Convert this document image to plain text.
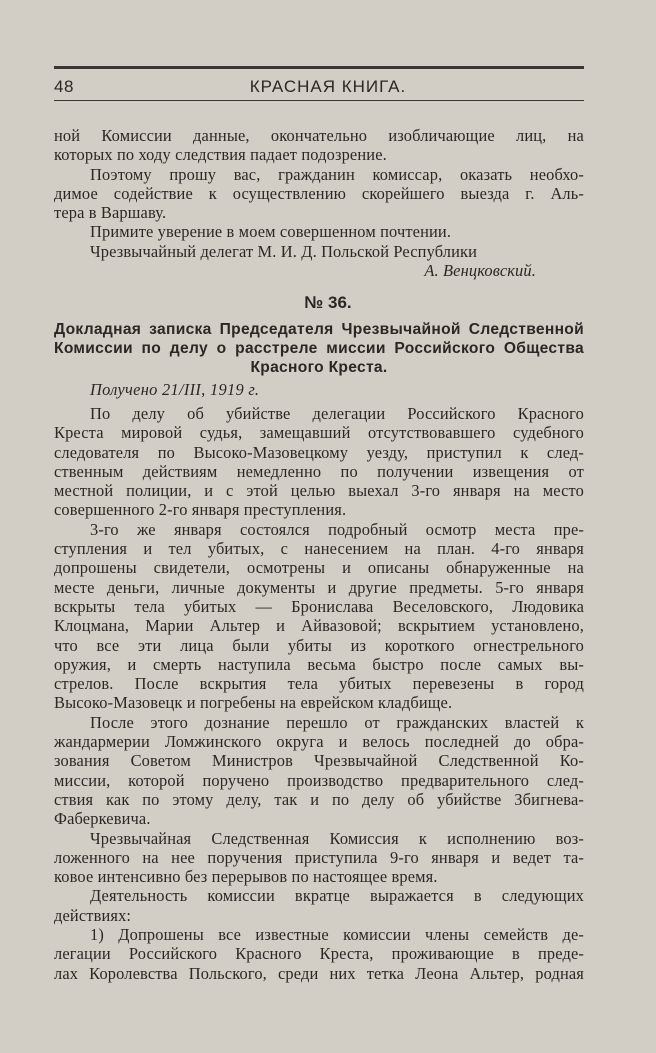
48	КРАСНАЯ КНИГА.
ной Комиссии данные, окончательно изобличающие лиц, на
которых по ходу следствия падает подозрение.
Поэтому прошу вас, гражданин комиссар, оказать необхо-
димое содействие к осуществлению скорейшего выезда г. Аль-
тера в Варшаву.
Примите уверение в моем совершенном почтении.
Чрезвычайный делегат М. И. Д. Польской Республики
А. Венцковский.
№ 36.
Докладная записка Председателя Чрезвычайной Следственной
Комиссии по делу о расстреле миссии Российского Общества
Красного Креста.
Получено 21/III, 1919 г.
По делу об убийстве делегации Российского Красного
Креста мировой судья, замещавший отсутствовавшего судебного
следователя по Высоко-Мазовецкому уезду, приступил к след-
ственным действиям немедленно по получении извещения от
местной полиции, и с этой целью выехал 3-го января на место
совершенного 2-го января преступления.
3-го же января состоялся подробный осмотр места пре-
ступления и тел убитых, с нанесением на план. 4-го января
допрошены свидетели, осмотрены и описаны обнаруженные на
месте деньги, личные документы и другие предметы. 5-го января
вскрыты тела убитых — Бронислава Веселовского, Людовика
Клоцмана, Марии Альтер и Айвазовой; вскрытием установлено,
что все эти лица были убиты из короткого огнестрельного
оружия, и смерть наступила весьма быстро после самых вы-
стрелов. После вскрытия тела убитых перевезены в город
Высоко-Мазовецк и погребены на еврейском кладбище.
После этого дознание перешло от гражданских властей к
жандармерии Ломжинского округа и велось последней до обра-
зования Советом Министров Чрезвычайной Следственной Ко-
миссии, которой поручено производство предварительного след-
ствия как по этому делу, так и по делу об убийстве Збигнева-
Фаберкевича.
Чрезвычайная Следственная Комиссия к исполнению воз-
ложенного на нее поручения приступила 9-го января и ведет та-
ковое интенсивно без перерывов по настоящее время.
Деятельность комиссии вкратце выражается в следующих
действиях:
1) Допрошены все известные комиссии члены семейств де-
легации Российского Красного Креста, проживающие в преде-
лах Королевства Польского, среди них тетка Леона Альтер, родная
